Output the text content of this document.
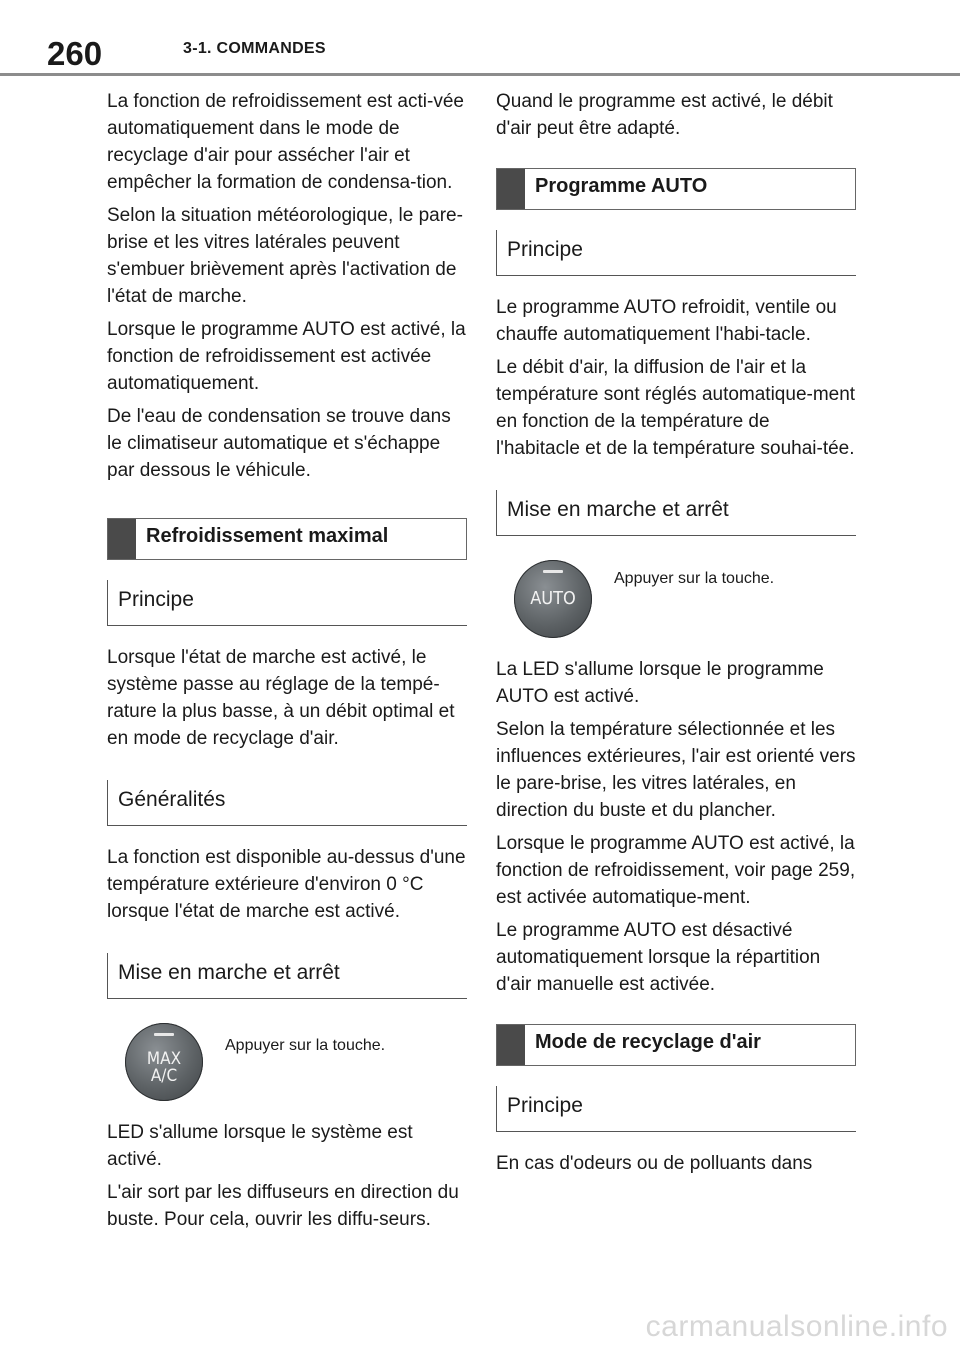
260	3-1. COMMANDES

La fonction de refroidissement est acti-vée automatiquement dans le mode de recyclage d'air pour assécher l'air et empêcher la formation de condensa-tion.

Selon la situation météorologique, le pare-brise et les vitres latérales peuvent s'embuer brièvement après l'activation de l'état de marche.

Lorsque le programme AUTO est activé, la fonction de refroidissement est activée automatiquement.

De l'eau de condensation se trouve dans le climatiseur automatique et s'échappe par dessous le véhicule.

Refroidissement maximal
Principe

Lorsque l'état de marche est activé, le système passe au réglage de la tempé-rature la plus basse, à un débit optimal et en mode de recyclage d'air.

Généralités

La fonction est disponible au-dessus d'une température extérieure d'environ 0 °C lorsque l'état de marche est activé.

Mise en marche et arrêt
MAX
A/C
Appuyer sur la touche.

LED s'allume lorsque le système est activé.

L'air sort par les diffuseurs en direction du buste. Pour cela, ouvrir les diffu-seurs.

Quand le programme est activé, le débit d'air peut être adapté.

Programme AUTO
Principe

Le programme AUTO refroidit, ventile ou chauffe automatiquement l'habi-tacle.

Le débit d'air, la diffusion de l'air et la température sont réglés automatique-ment en fonction de la température de l'habitacle et de la température souhai-tée.

Mise en marche et arrêt
AUTO
Appuyer sur la touche.

La LED s'allume lorsque le programme AUTO est activé.

Selon la température sélectionnée et les influences extérieures, l'air est orienté vers le pare-brise, les vitres latérales, en direction du buste et du plancher.

Lorsque le programme AUTO est activé, la fonction de refroidissement, voir page 259, est activée automatique-ment.

Le programme AUTO est désactivé automatiquement lorsque la répartition d'air manuelle est activée.

Mode de recyclage d'air
Principe

En cas d'odeurs ou de polluants dans

carmanualsonline.info
